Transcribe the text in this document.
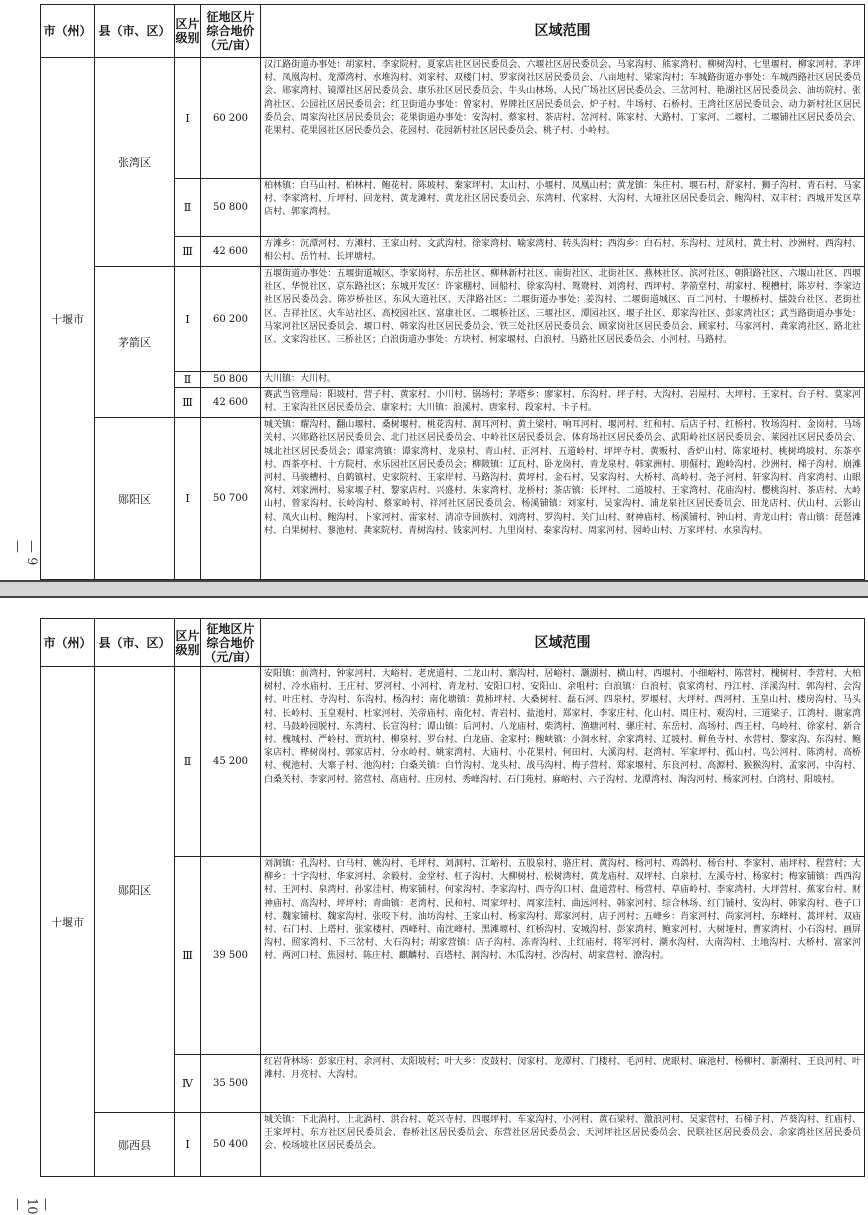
市（州）	县（市、区）	区片级别	征地区片综合地价（元/亩）	区域范围
十堰市	张湾区	Ⅰ	60 200	汉江路街道办事处：胡家村、李家院村、夏家店社区居民委员会、六堰社区居民委员会、马家沟村、熊家湾村、柳树沟村、七里堰村、柳家河村、茅坪村、凤凰沟村、龙潭湾村、水堆沟村、刘家村、双楼门村、罗家岗社区居民委员会、八亩地村、梁家沟村；车城路街道办事处：车城西路社区居民委员会、郧家湾村、镜潭社区居民委员会、康乐社区居民委员会、牛头山林场、人民广场社区居民委员会、三岔河村、艳湖社区居民委员会、油坊院村、张湾社区、公园社区居民委员会；红卫街道办事处：曾家村、界牌社区居民委员会、炉子村、牛场村、石桥村、王湾社区居民委员会、动力新村社区居民委员会、周家沟社区居民委员会；花果街道办事处：安沟村、蔡家村、茶店村、岔河村、陈家村、大路村、丁家河、二堰村、二堰铺社区居民委员会、花果村、花果园社区居民委员会、花园村、花园新村社区居民委员会、桃子村、小岭村。
		Ⅱ	50 800	柏林镇：白马山村、柏林村、鲍花村、陈坡村、秦家坪村、太山村、小堰村、凤凰山村；黄龙镇：朱庄村、堰石村、舒家村、狮子沟村、青石村、马家村、李家湾村、斤坪村、回龙村、黄龙滩村、黄龙社区居民委员会、东湾村、代家村、大沟村、大垭社区居民委员会、鲍沟村、双丰村；西城开发区草店村、郭家湾村。
		Ⅲ	42 600	方滩乡：沉潭河村、方滩村、王家山村、文武沟村、徐家湾村、喻家湾村、转头沟村；西沟乡：白石村、东沟村、过风村、黄土村、沙洲村、西沟村、相公村、岳竹村、长坪塘村。
	茅箭区	Ⅰ	60 200	五堰街道办事处：五堰街道城区、李家岗村、东岳社区、柳林新村社区、南街社区、北街社区、燕林社区、滨河社区、朝阳路社区、六堰山社区、四堰社区、华悦社区、京东路社区；东城开发区：许家棚村、回船村、徐家沟村、鸳鸯村、刘湾村、西坪村、茅箭堂村、胡家村、枧槽村、陈岁村、李家边社区居民委员会、陈岁桥社区、东风大道社区、天津路社区；二堰街道办事处：姜沟村、二堰街道城区、百二河村、十堰桥村、擂鼓台社区、老街社区、吉祥社区、火车站社区、高校园社区、富康社区、二堰桥社区、三堰社区、潭园社区、堰子社区、郑家沟社区、彭家湾社区；武当路街道办事处：马家河社区居民委员会、堰口村、韩家沟社区居民委员会、铁三处社区居民委员会、顾家岗社区居民委员会、顾家村、马家河村、龚家湾社区、路北社区、文家沟社区、三桥社区；白浪街道办事处：方块村、柯家堰村、白浪村、马路社区居民委员会、小河村、马路村。
		Ⅱ	50 800	大川镇：大川村。
		Ⅲ	42 600	赛武当管理局：阳坡村、营子村、黄家村、小川村、锅场村；茅塔乡：廖家村、东沟村、坪子村、大沟村、岩屋村、大坪村、王家村、台子村、莫家河村、王家沟社区居民委员会、康家村；大川镇：浪溪村、唐家村、段家村、卡子村。
	郧阳区	Ⅰ	50 700	城关镇：耀沟村、翻山堰村、桑树堰村、桃花沟村、洞耳河村、黄土梁村、响耳河村、堰河村、红和村、后店子村、红桥村、牧场沟村、金岗村、马场关村、兴郧路社区居民委员会、北门社区居民委员会、中岭社区居民委员会、体育场社区居民委员会、武阳岭社区居民委员会、莱园社区居民委员会、城北社区居民委员会；谭家湾镇：谭家湾村、龙泉村、青山村、正河村、五道岭村、坪坪寺村、黄贩村、香炉山村、陈家垭村、桃树塆坡村、东茶亭村、西茶亭村、十方院村、水乐园社区居民委员会；柳陂镇：辽瓦村、卧龙岗村、青龙泉村、韩家洲村、朋倔村、跑岭沟村、沙洲村、梯子沟村、崩滩河村、马骏槽村、自鹤镇村、史家院村、王家岸村、马路沟村、黄坪村、金石村、吴家沟村、大桥村、高岭村、尧子河村、轩家沟村、肖家湾村、山眼窝村、刘家洲村、易家堰子村、黎家店村、兴盛村、朱家湾村、龙桥村；茶店镇：长坪村、二道坡村、王家湾村、花庙沟村、樱桃沟村、茶店村、大岭山村、曾家沟村、长岭沟村、蔡家岭村、祥河社区居民委员会、杨溪铺镇：刘家村、吴家沟村、浦龙泉社区居民委员会、田龙店村、伏山村、云影山村、凤火山村、鲍沟村、卜家河村、雷家村、清凉寺回族村、刘湾村、罗沟村、关门山村、财神庙村、杨溪铺村、钟山村、青龙山村；青山镇：琵琶滩村、白果树村、蓼池村、龚家院村、青树沟村、钱家河村、九里岗村、泰家沟村、周家河村、园岭山村、万家坪村、水泉沟村。
— 9 —
市（州）	县（市、区）	区片级别	征地区片综合地价（元/亩）	区域范围
十堰市	郧阳区	Ⅱ	45 200	安阳镇：前湾村、钟家河村、大峪村、老虎道村、二龙山村、寨沟村、居峪村、灏湖村、横山村、西堰村、小细峪村、陈营村、槐树村、李营村、大柏树村、冷水庙村、王庄村、罗河村、小河村、青龙村、安阳口村、安阳山、余咀村；白浪镇：白浪村、袁家湾村、丹江村、洋溪沟村、郭沟村、会沟村、叶庄村、寺沟村、东沟村、杨沟村；南化塘镇：黄柿坪村、大桑树村、磊石河、四泉村、罗堰村、大坪村、西河村、玉皇山村、楼房沟村、马头村、长岭村、玉皇观村、杜家河村、关帝庙村、南化村、青岩村、盐池村、郑家村、李家庄村、化山村、周庄村、观沟村、三道梁子、江湾村、谢家湾村、马鼓岭园脱村、东湾村、长宣沟村；谭山镇：后河村、八龙庙村、柴湾村、渔塘河村、骡庄村、东岳村、高场村、西王村、乌岭村、徐家村、新合村、槐城村、严岭村、贾坑村、柳泉村、罗台村、白龙庙、金家村；鲍峡镇：小洞水村、余家湾村、辽坡村、鲜鱼寺村、水营村、黎家沟、东沟村、鲍家店村、桦树岗村、郭家店村、分水岭村、姚家湾村、大庙村、小花果村、何田村、大溪沟村、赵湾村、军家坪村、孤山村、鸟公河村、陈湾村、高桥村、枧池村、大寨子村、池沟村；白桑关镇：白竹沟村、龙头村、战马沟村、梅子营村、郑家堰村、东良河村、高源村、猴猴沟村、孟家河、中沟村、白桑关村、李家河村、铭营村、高庙村、庄房村、秀峰沟村、石门苑村、麻峪村、六子沟村、龙潭湾村、淘沟河村、杨家河村、白湾村、阳坡村。
		Ⅲ	39 500	刘洞镇：孔沟村、白马村、姚沟村、毛坪村、刘洞村、江峪村、五股泉村、骆庄村、黄沟村、杨河村、鸡鸽村、杨台村、李家村、庙坪村、程营村；大柳乡：十字沟村、华家河村、余毅村、金堂村、杠子沟村、大柳树村、松树湾村、黄龙庙村、双坪村、白泉村、左溪寺村、杨家村；梅家铺镇：西西沟村、王河村、泉湾村、孙家洼村、梅家铺村、何家沟村、李家沟村、西寺沟口村、盘道营村、杨营村、草庙岭村、李家湾村、大坪营村、蕉家台村、财神庙村、高沟村、坪坪村；青曲镇：老湾村、民和村、周家坪村、周家洼村、曲远河村、韩家河村、综合林场、红门铺村、安沟村、韩家沟村、巷子口村、魏家铺村、魏家沟村、张咬下村、油坊沟村、王家山村、杨家沟村、郑家河村、店子河村；五峰乡：肖家河村、尚家河村、东峰村、蒿坪村、双庙村、石门村、上塔村、张家楼村、西峰村、南沈峰村、黑滩塬村、红桥沟村、安城沟村、彭家湾村、鲍家河村、大树垭村、曹家湾村、小石沟村、画屏沟村、照家湾村、下三岔村、大石沟村；胡家营镇：店子沟村、冻青沟村、上红庙村、将军河村、潮水沟村、大南沟村、土地沟村、大桥村、富家河村、两河口村、焦园村、陈庄村、麒麟村、百塔村、洞沟村、木瓜沟村、沙沟村、胡家营村、潦沟村。
		Ⅳ	35 500	红岩背林场：彭家庄村、余河村、太阳坡村；叶大乡：皮鼓村、闵家村、龙潭村、门楼村、毛河村、虎眼村、麻池村、杨柳村、新潮村、王良河村、叶滩村、月亮村、大沟村。
	郧西县	Ⅰ	50 400	城关镇：下北渦村、上北渦村、洪台村、乾兴寺村、四堰坪村、车家沟村、小河村、黄石梁村、激浪河村、吴家营村、石梯子村、芦葵沟村、红庙村、王家坪村、东方社区居民委员会、春桥社区居民委员会、东营社区居民委员会、天河坪社区居民委员会、民联社区居民委员会、余家湾社区居民委员会、校场坡社区居民委员会。
— 10 —
